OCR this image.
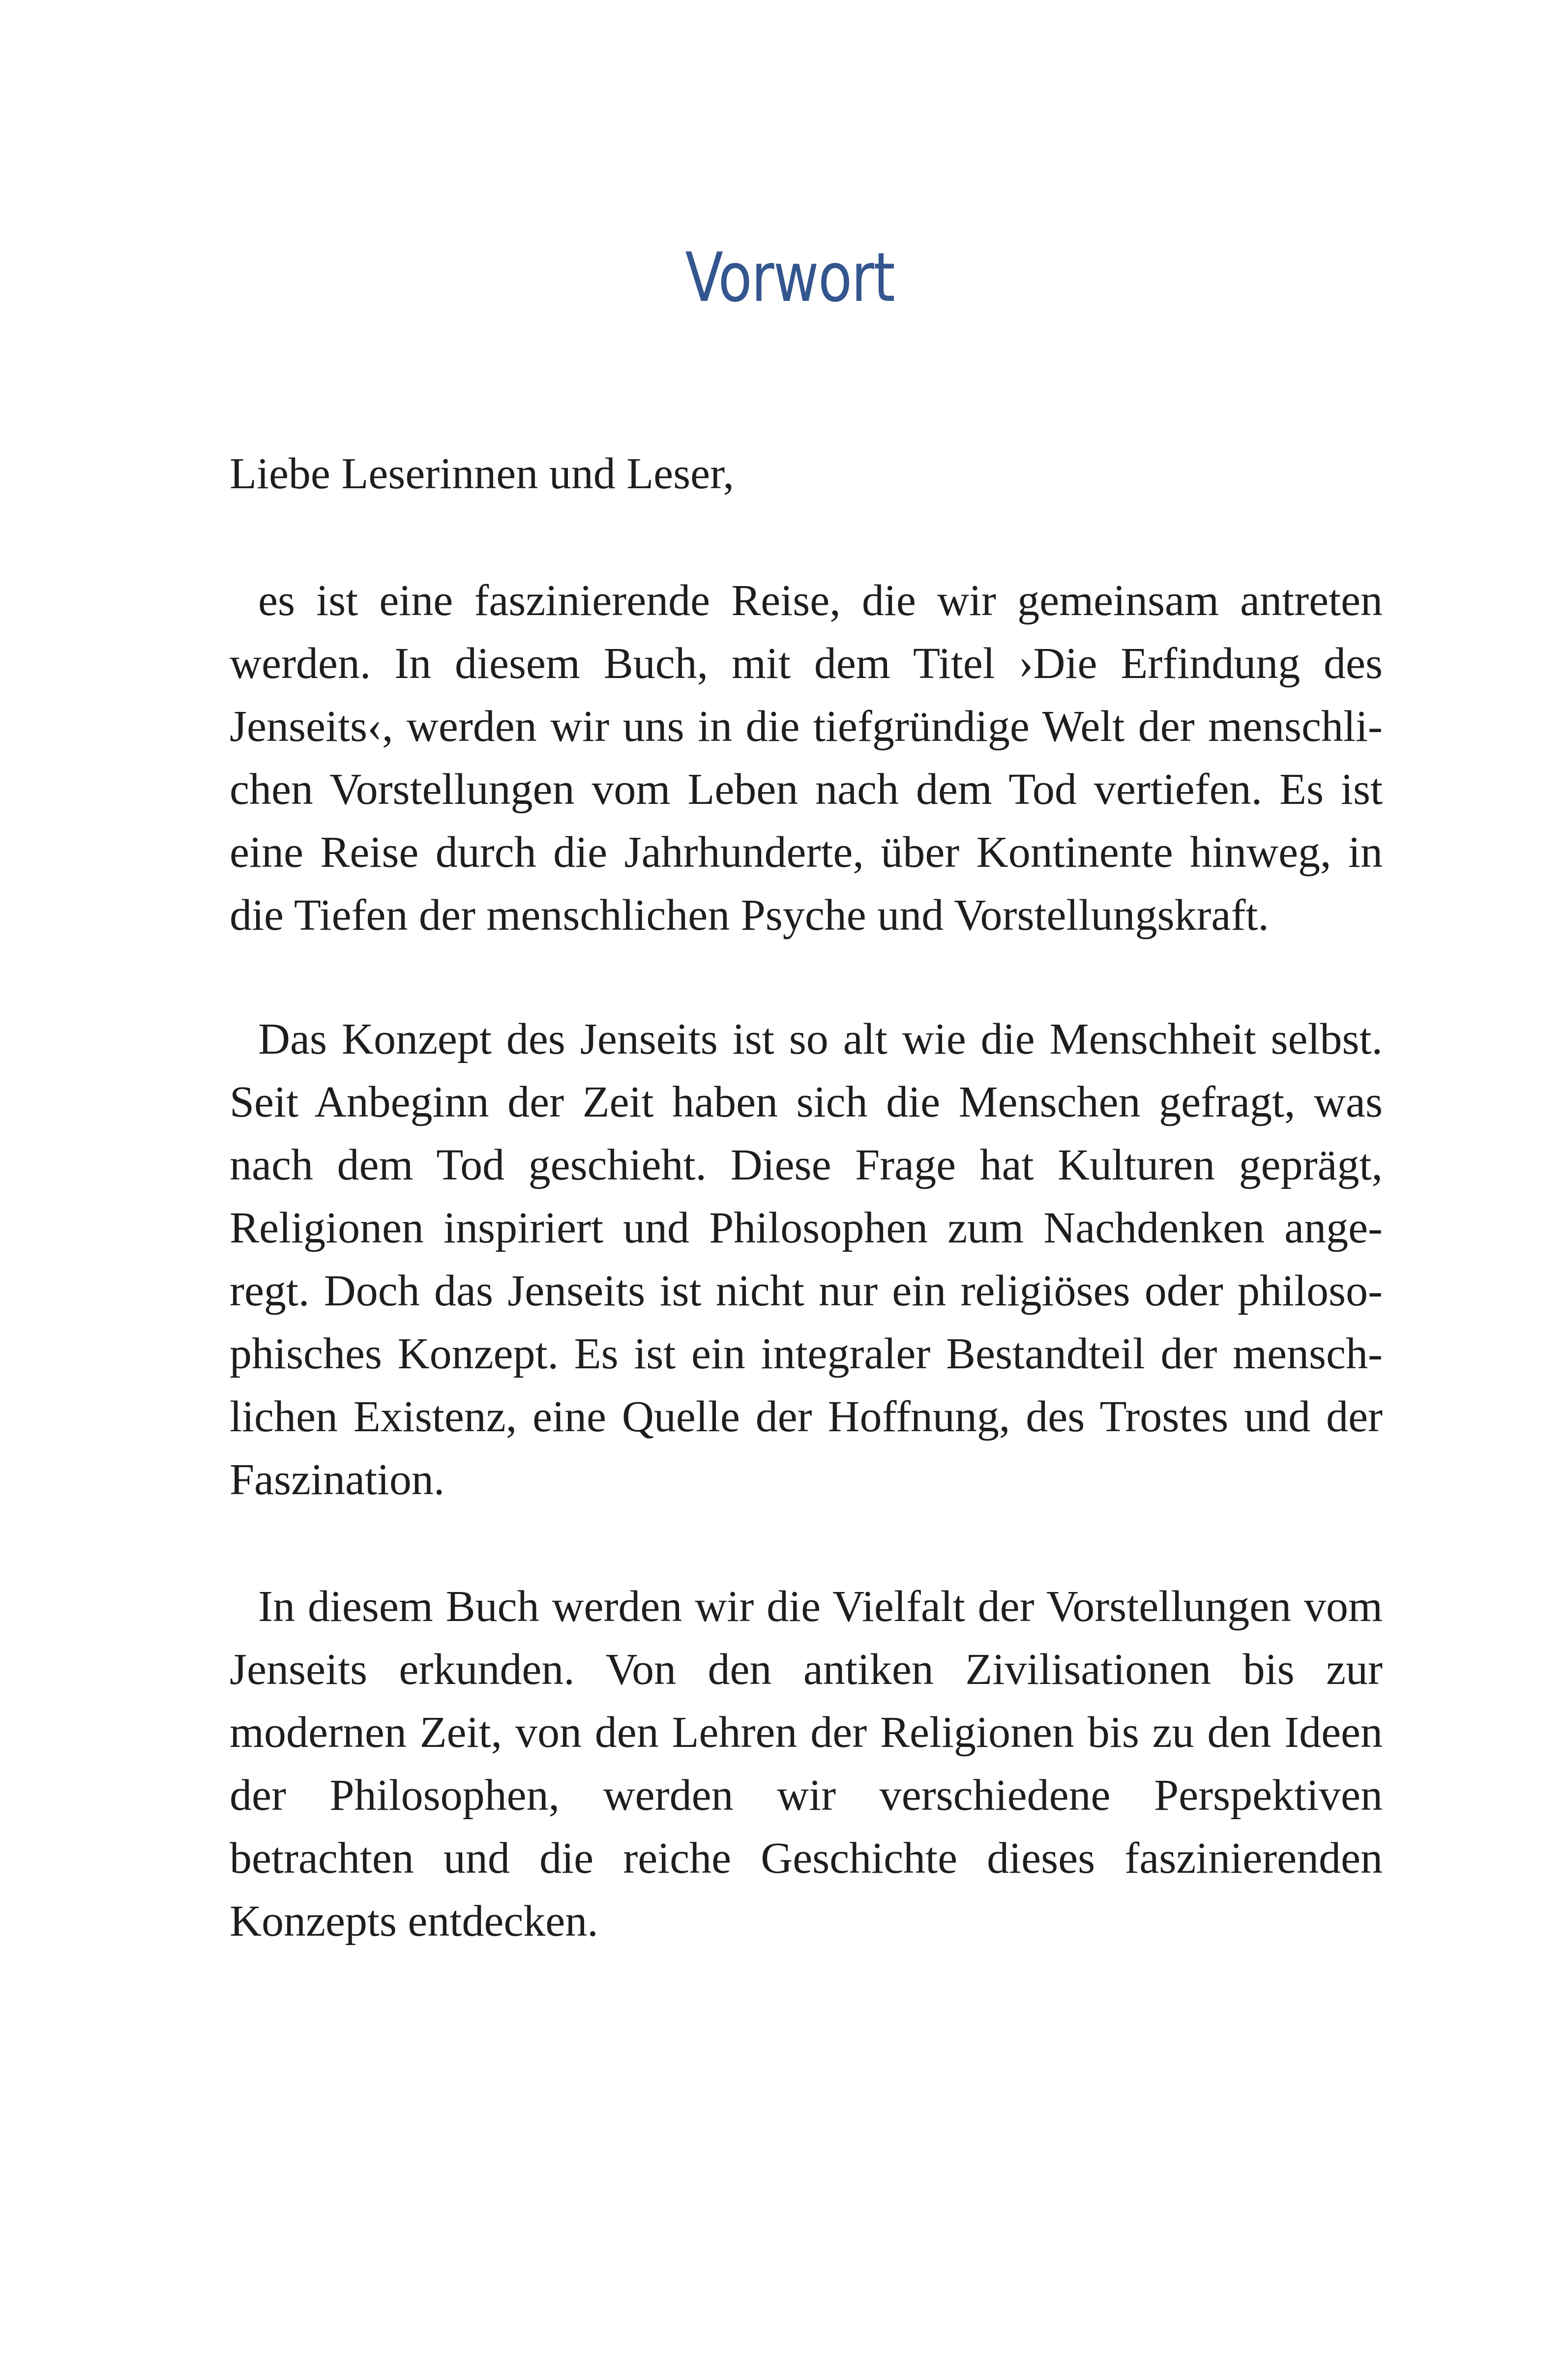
Vorwort
Liebe Leserinnen und Leser,
es ist eine faszinierende Reise, die wir gemeinsam antreten werden. In diesem Buch, mit dem Titel ›Die Erfindung des Jenseits‹, werden wir uns in die tiefgründige Welt der menschlichen Vorstellungen vom Leben nach dem Tod vertiefen. Es ist eine Reise durch die Jahrhunderte, über Kontinente hinweg, in die Tiefen der menschlichen Psyche und Vorstellungskraft.
Das Konzept des Jenseits ist so alt wie die Menschheit selbst. Seit Anbeginn der Zeit haben sich die Menschen gefragt, was nach dem Tod geschieht. Diese Frage hat Kulturen geprägt, Religionen inspiriert und Philosophen zum Nachdenken angeregt. Doch das Jenseits ist nicht nur ein religiöses oder philosophisches Konzept. Es ist ein integraler Bestandteil der menschlichen Existenz, eine Quelle der Hoffnung, des Trostes und der Faszination.
In diesem Buch werden wir die Vielfalt der Vorstellungen vom Jenseits erkunden. Von den antiken Zivilisationen bis zur modernen Zeit, von den Lehren der Religionen bis zu den Ideen der Philosophen, werden wir verschiedene Perspektiven betrachten und die reiche Geschichte dieses faszinierenden Konzepts entdecken.
